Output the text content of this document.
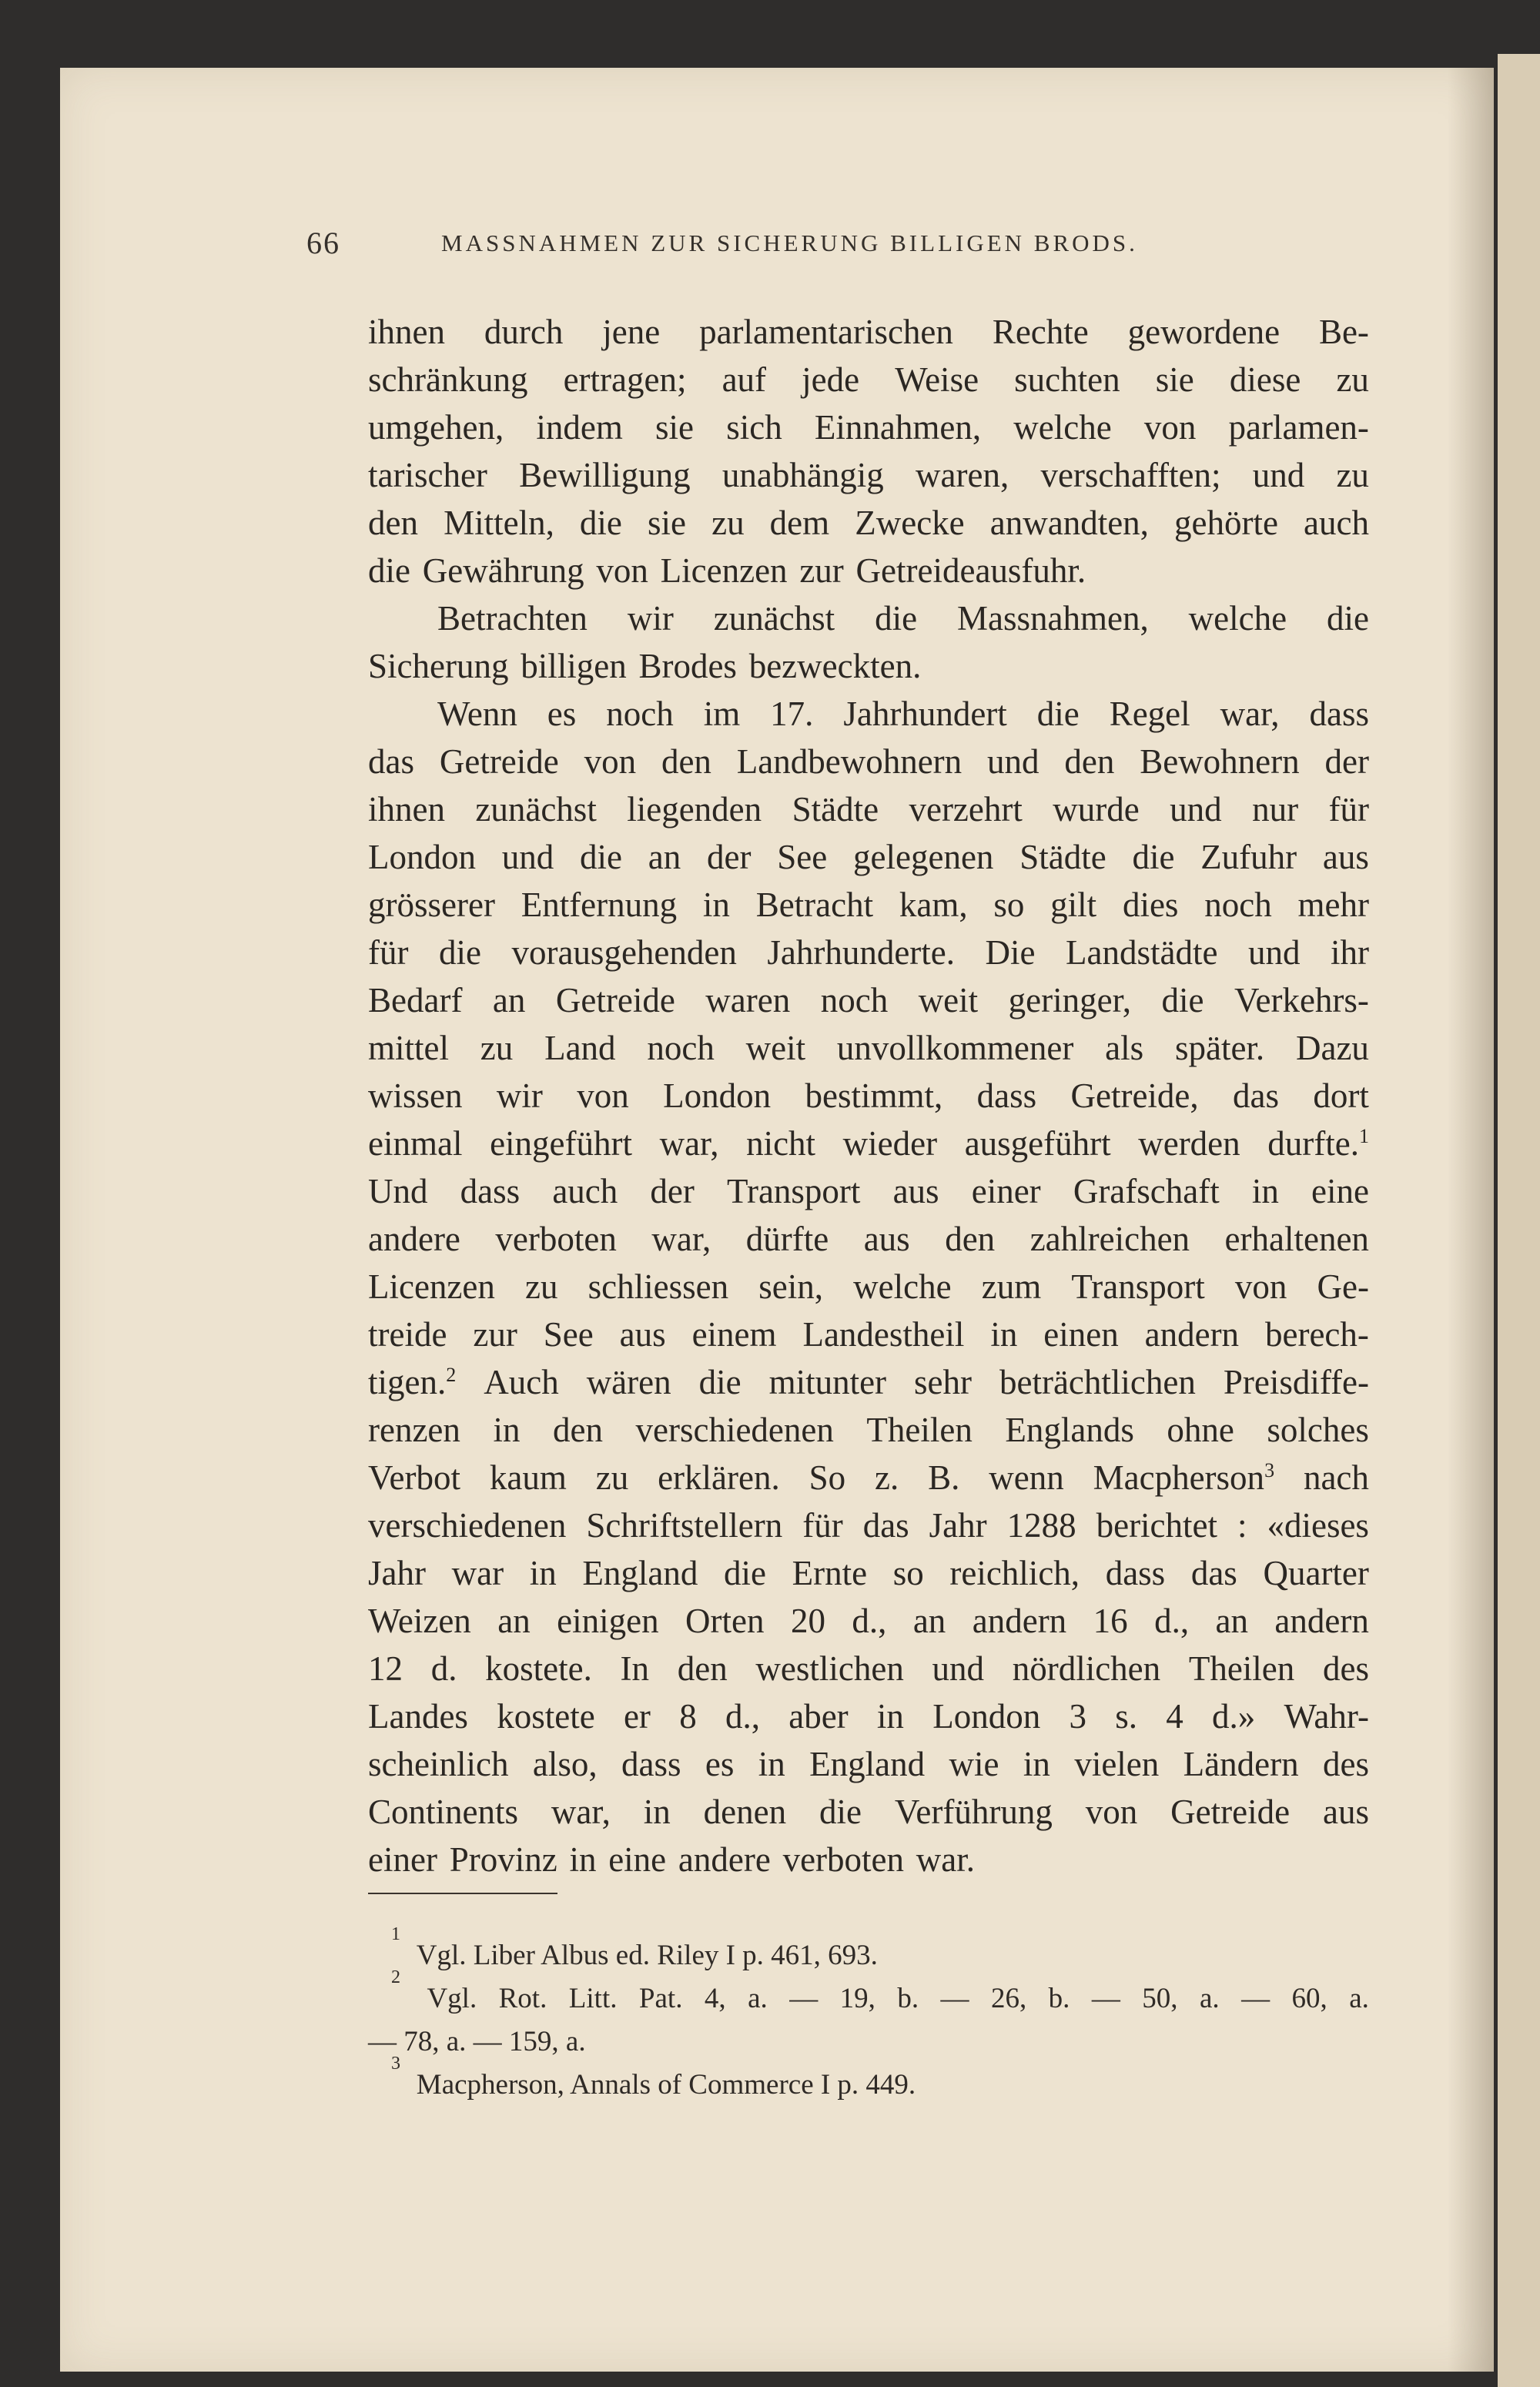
66	MASSNAHMEN ZUR SICHERUNG BILLIGEN BRODS.
ihnen durch jene parlamentarischen Rechte gewordene Be-
schränkung ertragen; auf jede Weise suchten sie diese zu
umgehen, indem sie sich Einnahmen, welche von parlamen-
tarischer Bewilligung unabhängig waren, verschafften; und zu
den Mitteln, die sie zu dem Zwecke anwandten, gehörte auch
die Gewährung von Licenzen zur Getreideausfuhr.
Betrachten wir zunächst die Massnahmen, welche die
Sicherung billigen Brodes bezweckten.
Wenn es noch im 17. Jahrhundert die Regel war, dass
das Getreide von den Landbewohnern und den Bewohnern der
ihnen zunächst liegenden Städte verzehrt wurde und nur für
London und die an der See gelegenen Städte die Zufuhr aus
grösserer Entfernung in Betracht kam, so gilt dies noch mehr
für die vorausgehenden Jahrhunderte. Die Landstädte und ihr
Bedarf an Getreide waren noch weit geringer, die Verkehrs-
mittel zu Land noch weit unvollkommener als später. Dazu
wissen wir von London bestimmt, dass Getreide, das dort
einmal eingeführt war, nicht wieder ausgeführt werden durfte.$^1$
Und dass auch der Transport aus einer Grafschaft in eine
andere verboten war, dürfte aus den zahlreichen erhaltenen
Licenzen zu schliessen sein, welche zum Transport von Ge-
treide zur See aus einem Landestheil in einen andern berech-
tigen.$^2$ Auch wären die mitunter sehr beträchtlichen Preisdiffe-
renzen in den verschiedenen Theilen Englands ohne solches
Verbot kaum zu erklären. So z. B. wenn Macpherson$^3$ nach
verschiedenen Schriftstellern für das Jahr 1288 berichtet : «dieses
Jahr war in England die Ernte so reichlich, dass das Quarter
Weizen an einigen Orten 20 d., an andern 16 d., an andern
12 d. kostete. In den westlichen und nördlichen Theilen des
Landes kostete er 8 d., aber in London 3 s. 4 d.» Wahr-
scheinlich also, dass es in England wie in vielen Ländern des
Continents war, in denen die Verführung von Getreide aus
einer Provinz in eine andere verboten war.
1
Vgl. Liber Albus ed. Riley I p. 461, 693.
2
Vgl. Rot. Litt. Pat. 4, a. — 19, b. — 26, b. — 50, a. — 60, a.
— 78, a. — 159, a.
3
Macpherson, Annals of Commerce I p. 449.
